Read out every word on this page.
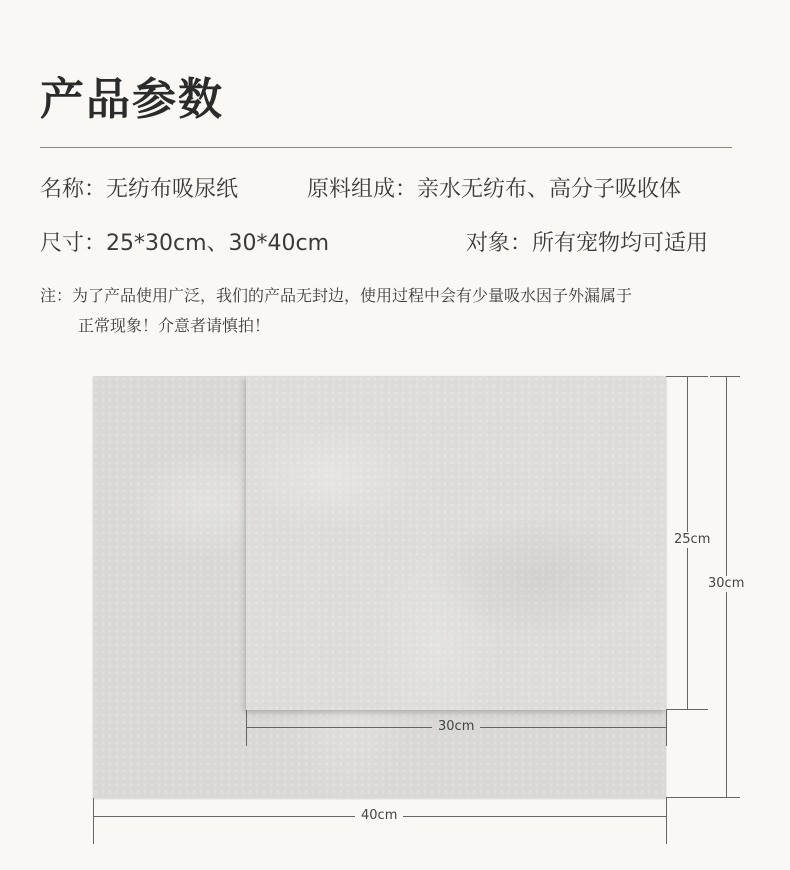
产品参数
名称：无纺布吸尿纸	原料组成：亲水无纺布、高分子吸收体
尺寸：25*30cm、30*40cm	对象：所有宠物均可适用
注：为了产品使用广泛，我们的产品无封边，使用过程中会有少量吸水因子外漏属于
正常现象！介意者请慎拍！
25cm
30cm
30cm
40cm
